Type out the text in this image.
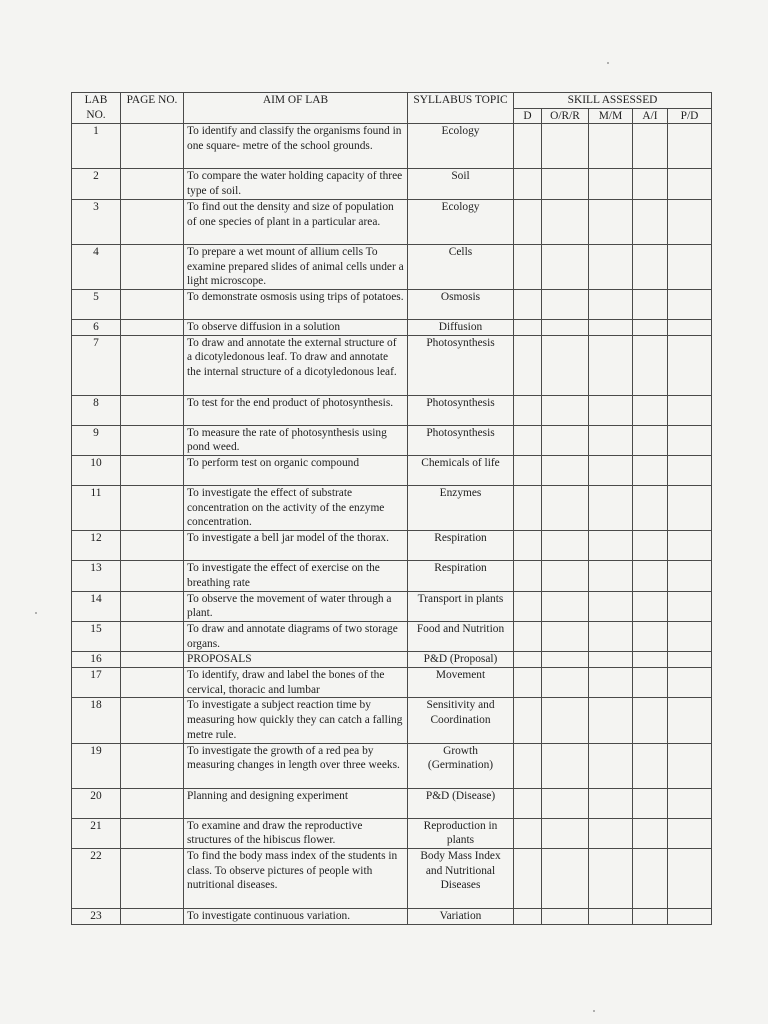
LAB NO.	PAGE NO.	AIM OF LAB	SYLLABUS TOPIC	SKILL ASSESSED				
				D	O/R/R	M/M	A/I	P/D
1		To identify and classify the organisms found in one square- metre of the school grounds.	Ecology					
2		To compare the water holding capacity of three type of soil.	Soil					
3		To find out the density and size of population of one species of plant in a particular area.	Ecology					
4		To prepare a wet mount of allium cells To examine prepared slides of animal cells under a light microscope.	Cells					
5		To demonstrate osmosis using trips of potatoes.	Osmosis					
6		To observe diffusion in a solution	Diffusion					
7		To draw and annotate the external structure of a dicotyledonous leaf. To draw and annotate the internal structure of a dicotyledonous leaf.	Photosynthesis					
8		To test for the end product of photosynthesis.	Photosynthesis					
9		To measure the rate of photosynthesis using pond weed.	Photosynthesis					
10		To perform test on organic compound	Chemicals of life					
11		To investigate the effect of substrate concentration on the activity of the enzyme concentration.	Enzymes					
12		To investigate a bell jar model of the thorax.	Respiration					
13		To investigate the effect of exercise on the breathing rate	Respiration					
14		To observe the movement of water through a plant.	Transport in plants					
15		To draw and annotate diagrams of two storage organs.	Food and Nutrition					
16		PROPOSALS	P&D (Proposal)					
17		To identify, draw and label the bones of the cervical, thoracic and lumbar	Movement					
18		To investigate a subject reaction time by measuring how quickly they can catch a falling metre rule.	Sensitivity and Coordination					
19		To investigate the growth of a red pea by measuring changes in length over three weeks.	Growth (Germination)					
20		Planning and designing experiment	P&D (Disease)					
21		To examine and draw the reproductive structures of the hibiscus flower.	Reproduction in plants					
22		To find the body mass index of the students in class. To observe pictures of people with nutritional diseases.	Body Mass Index and Nutritional Diseases					
23		To investigate continuous variation.	Variation					
